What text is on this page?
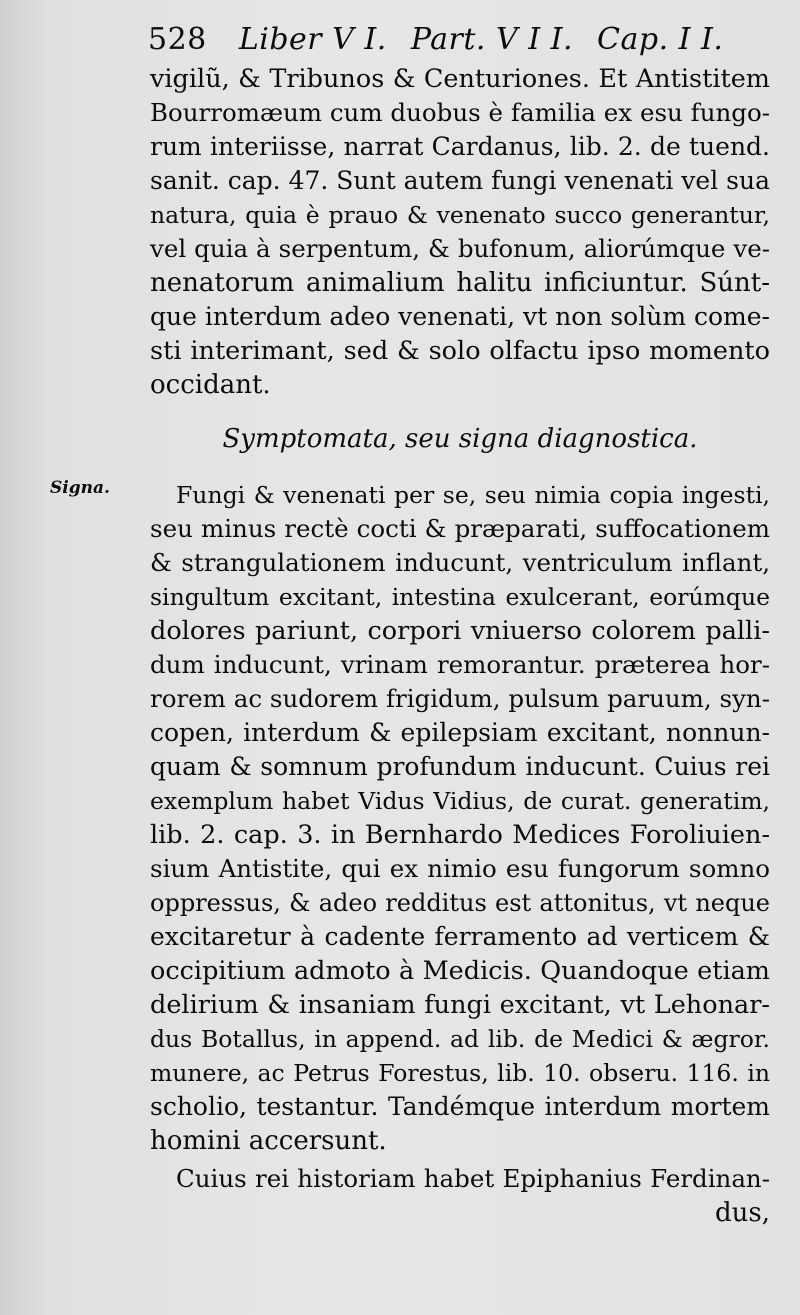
528 Liber V I. Part. V I I. Cap. I I.
Signa.
vigilũ, & Tribunos & Centuriones. Et Antistitem
Bourromæum cum duobus è familia ex esu fungo-
rum interiisse, narrat Cardanus, lib. 2. de tuend.
sanit. cap. 47. Sunt autem fungi venenati vel sua
natura, quia è prauo & venenato succo generantur,
vel quia à serpentum, & bufonum, aliorúmque ve-
nenatorum animalium halitu inficiuntur. Súnt-
que interdum adeo venenati, vt non solùm come-
sti interimant, sed & solo olfactu ipso momento
occidant.
Symptomata, seu signa diagnostica.
Fungi & venenati per se, seu nimia copia ingesti,
seu minus rectè cocti & præparati, suffocationem
& strangulationem inducunt, ventriculum inflant,
singultum excitant, intestina exulcerant, eorúmque
dolores pariunt, corpori vniuerso colorem palli-
dum inducunt, vrinam remorantur. præterea hor-
rorem ac sudorem frigidum, pulsum paruum, syn-
copen, interdum & epilepsiam excitant, nonnun-
quam & somnum profundum inducunt. Cuius rei
exemplum habet Vidus Vidius, de curat. generatim,
lib. 2. cap. 3. in Bernhardo Medices Foroliuien-
sium Antistite, qui ex nimio esu fungorum somno
oppressus, & adeo redditus est attonitus, vt neque
excitaretur à cadente ferramento ad verticem &
occipitium admoto à Medicis. Quandoque etiam
delirium & insaniam fungi excitant, vt Lehonar-
dus Botallus, in append. ad lib. de Medici & ægror.
munere, ac Petrus Forestus, lib. 10. obseru. 116. in
scholio, testantur. Tandémque interdum mortem
homini accersunt.
Cuius rei historiam habet Epiphanius Ferdinan-
dus,
